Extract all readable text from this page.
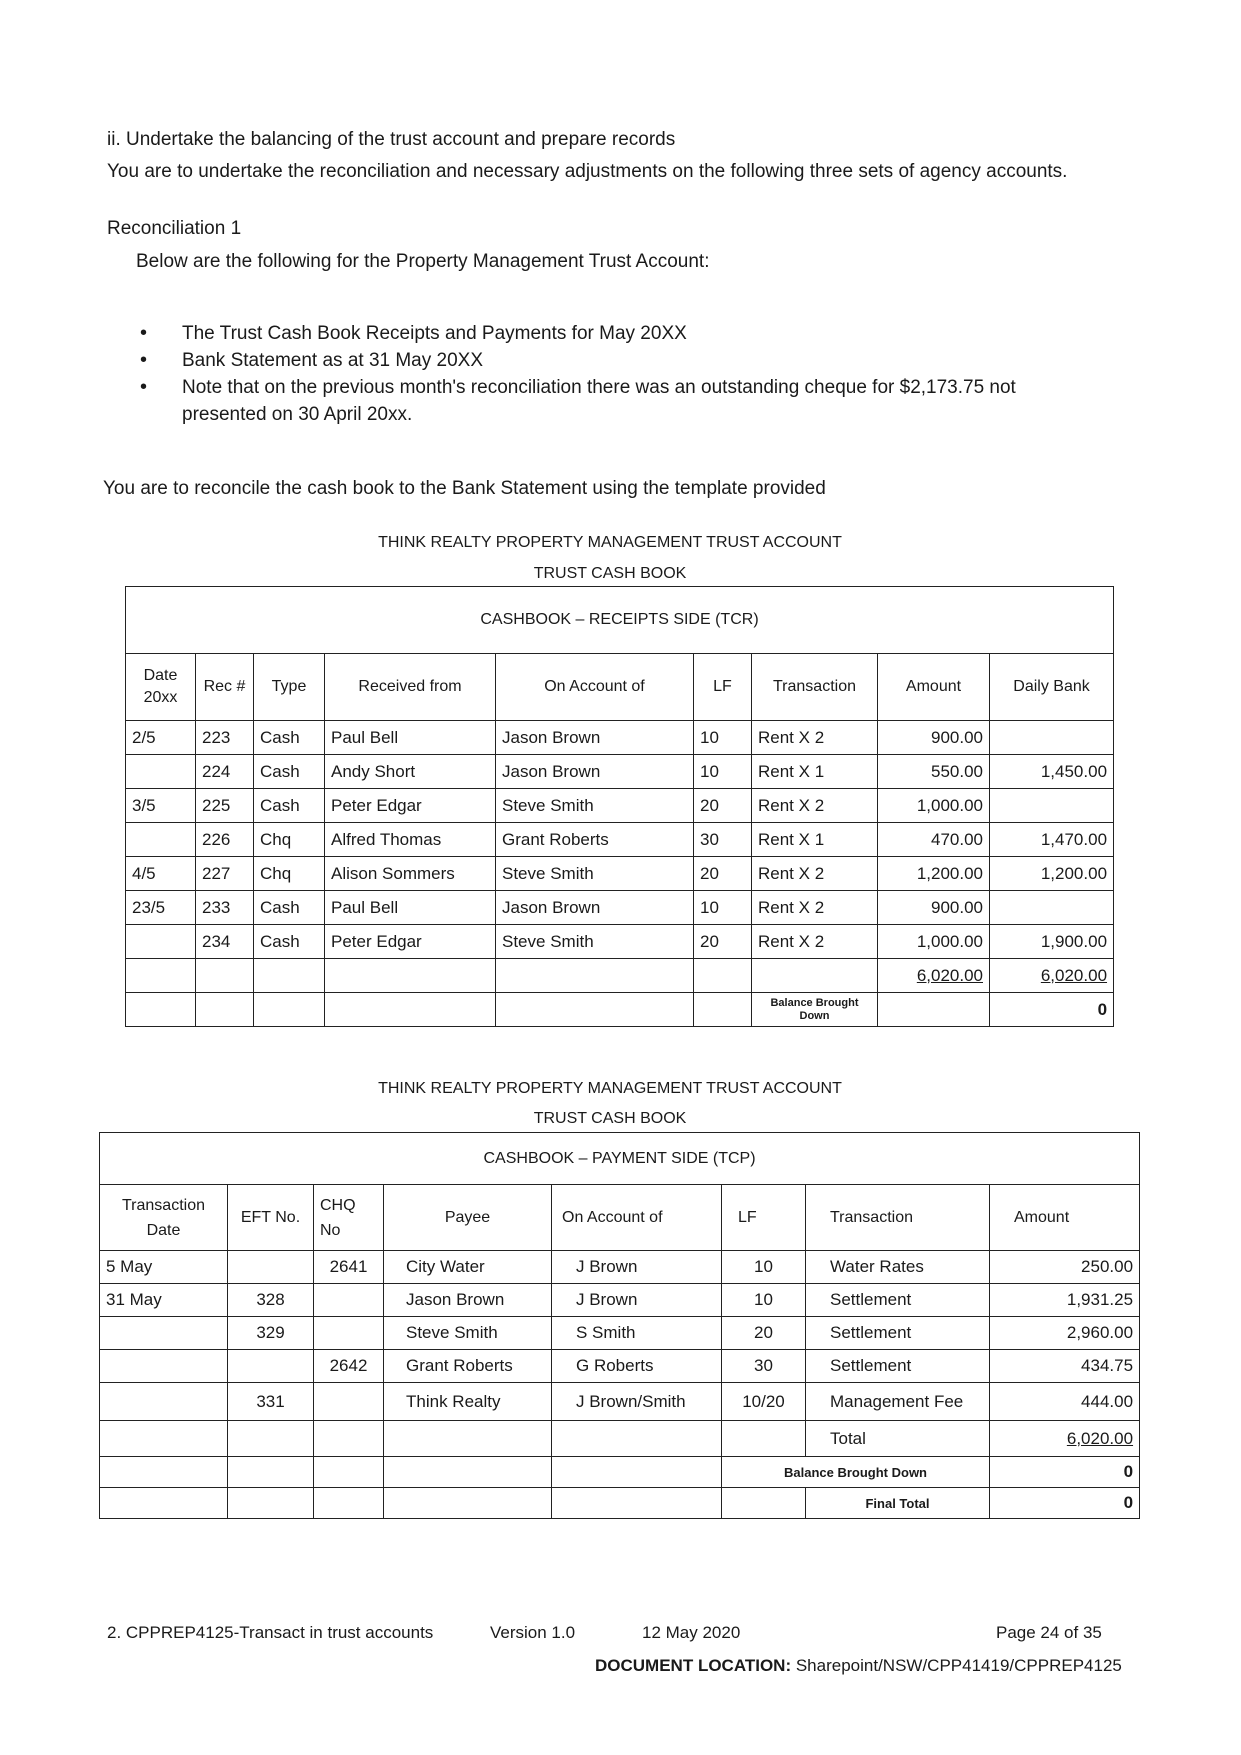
ii. Undertake the balancing of the trust account and prepare records
You are to undertake the reconciliation and necessary adjustments on the following three sets of agency accounts.
Reconciliation 1
Below are the following for the Property Management Trust Account:
• The Trust Cash Book Receipts and Payments for May 20XX
• Bank Statement as at 31 May 20XX
• Note that on the previous month's reconciliation there was an outstanding cheque for $2,173.75 not presented on 30 April 20xx.
You are to reconcile the cash book to the Bank Statement using the template provided
THINK REALTY PROPERTY MANAGEMENT TRUST ACCOUNT
TRUST CASH BOOK
CASHBOOK – RECEIPTS SIDE (TCR)								
Date 20xx	Rec #	Type	Received from	On Account of	LF	Transaction	Amount	Daily Bank
2/5	223	Cash	Paul Bell	Jason Brown	10	Rent X 2	900.00	
	224	Cash	Andy Short	Jason Brown	10	Rent X 1	550.00	1,450.00
3/5	225	Cash	Peter Edgar	Steve Smith	20	Rent X 2	1,000.00	
	226	Chq	Alfred Thomas	Grant Roberts	30	Rent X 1	470.00	1,470.00
4/5	227	Chq	Alison Sommers	Steve Smith	20	Rent X 2	1,200.00	1,200.00
23/5	233	Cash	Paul Bell	Jason Brown	10	Rent X 2	900.00	
	234	Cash	Peter Edgar	Steve Smith	20	Rent X 2	1,000.00	1,900.00
							6,020.00	6,020.00
						Balance Brought Down		0
THINK REALTY PROPERTY MANAGEMENT TRUST ACCOUNT
TRUST CASH BOOK
CASHBOOK – PAYMENT SIDE (TCP)							
Transaction Date	EFT No.	CHQ No	Payee	On Account of	LF	Transaction	Amount
5 May		2641	City Water	J Brown	10	Water Rates	250.00
31 May	328		Jason Brown	J Brown	10	Settlement	1,931.25
	329		Steve Smith	S Smith	20	Settlement	2,960.00
		2642	Grant Roberts	G Roberts	30	Settlement	434.75
	331		Think Realty	J Brown/Smith	10/20	Management Fee	444.00
						Total	6,020.00
					Balance Brought Down		0
						Final Total	0
2. CPPREP4125-Transact in trust accounts	Version 1.0	12 May 2020	Page 24 of 35
DOCUMENT LOCATION: Sharepoint/NSW/CPP41419/CPPREP4125
